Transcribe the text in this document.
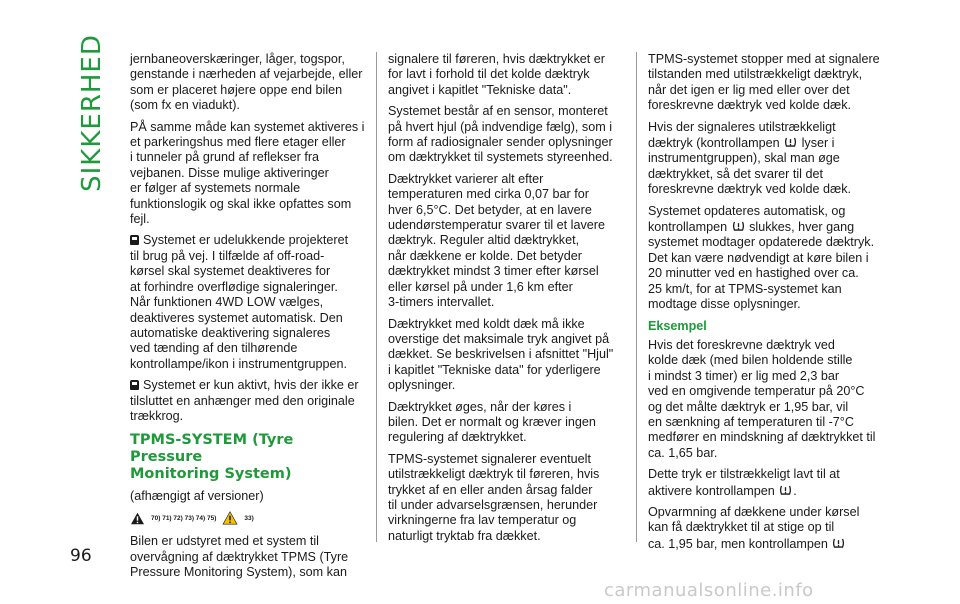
SIKKERHED
96

jernbaneoverskæringer, låger, togspor,
genstande i nærheden af vejarbejde, eller
som er placeret højere oppe end bilen
(som fx en viadukt).

PÅ samme måde kan systemet aktiveres i
et parkeringshus med flere etager eller
i tunneler på grund af reflekser fra
vejbanen. Disse mulige aktiveringer
er følger af systemets normale
funktionslogik og skal ikke opfattes som
fejl.

Systemet er udelukkende projekteret
til brug på vej. I tilfælde af off-road-
kørsel skal systemet deaktiveres for
at forhindre overflødige signaleringer.
Når funktionen 4WD LOW vælges,
deaktiveres systemet automatisk. Den
automatiske deaktivering signaleres
ved tænding af den tilhørende
kontrollampe/ikon i instrumentgruppen.

Systemet er kun aktivt, hvis der ikke er
tilsluttet en anhænger med den originale
trækkrog.

TPMS-SYSTEM (Tyre Pressure
Monitoring System)

(afhængigt af versioner)

70) 71) 72) 73) 74) 75)	33)

Bilen er udstyret med et system til
overvågning af dæktrykket TPMS (Tyre
Pressure Monitoring System), som kan

signalere til føreren, hvis dæktrykket er
for lavt i forhold til det kolde dæktryk
angivet i kapitlet "Tekniske data".

Systemet består af en sensor, monteret
på hvert hjul (på indvendige fælg), som i
form af radiosignaler sender oplysninger
om dæktrykket til systemets styreenhed.

Dæktrykket varierer alt efter
temperaturen med cirka 0,07 bar for
hver 6,5°C. Det betyder, at en lavere
udendørstemperatur svarer til et lavere
dæktryk. Reguler altid dæktrykket,
når dækkene er kolde. Det betyder
dæktrykket mindst 3 timer efter kørsel
eller kørsel på under 1,6 km efter
3-timers intervallet.

Dæktrykket med koldt dæk må ikke
overstige det maksimale tryk angivet på
dækket. Se beskrivelsen i afsnittet "Hjul"
i kapitlet "Tekniske data" for yderligere
oplysninger.

Dæktrykket øges, når der køres i
bilen. Det er normalt og kræver ingen
regulering af dæktrykket.

TPMS-systemet signalerer eventuelt
utilstrækkeligt dæktryk til føreren, hvis
trykket af en eller anden årsag falder
til under advarselsgrænsen, herunder
virkningerne fra lav temperatur og
naturligt tryktab fra dækket.

TPMS-systemet stopper med at signalere
tilstanden med utilstrækkeligt dæktryk,
når det igen er lig med eller over det
foreskrevne dæktryk ved kolde dæk.

Hvis der signaleres utilstrækkeligt
dæktryk (kontrollampen lyser i
instrumentgruppen), skal man øge
dæktrykket, så det svarer til det
foreskrevne dæktryk ved kolde dæk.

Systemet opdateres automatisk, og
kontrollampen slukkes, hver gang
systemet modtager opdaterede dæktryk.
Det kan være nødvendigt at køre bilen i
20 minutter ved en hastighed over ca.
25 km/t, for at TPMS-systemet kan
modtage disse oplysninger.

Eksempel

Hvis det foreskrevne dæktryk ved
kolde dæk (med bilen holdende stille
i mindst 3 timer) er lig med 2,3 bar
ved en omgivende temperatur på 20°C
og det målte dæktryk er 1,95 bar, vil
en sænkning af temperaturen til -7°C
medfører en mindskning af dæktrykket til
ca. 1,65 bar.

Dette tryk er tilstrækkeligt lavt til at
aktivere kontrollampen .

Opvarmning af dækkene under kørsel
kan få dæktrykket til at stige op til
ca. 1,95 bar, men kontrollampen

carmanualsonline.info
